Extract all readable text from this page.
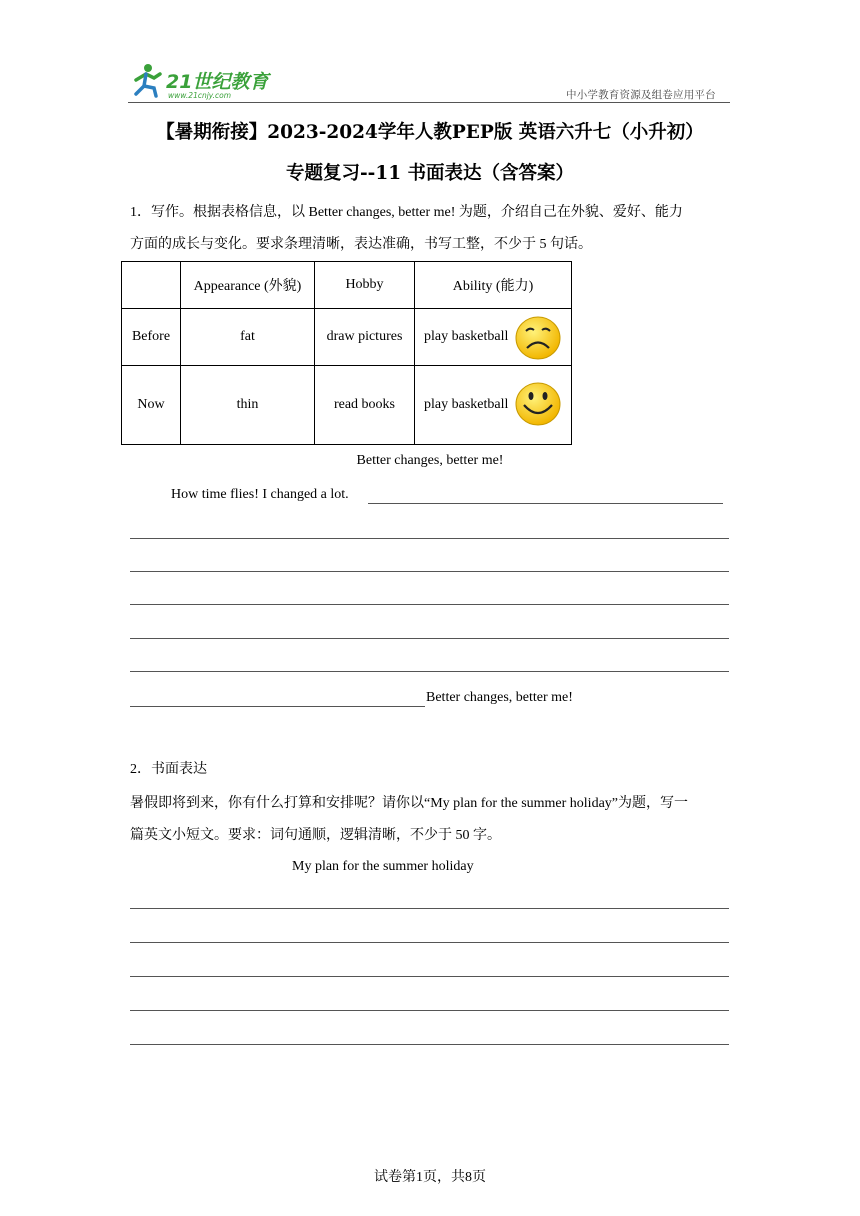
21世纪教育
www.21cnjy.com	中小学教育资源及组卷应用平台
【暑期衔接】2023-2024学年人教PEP版 英语六升七（小升初）
专题复习--11 书面表达（含答案）
1．写作。根据表格信息，以 Better changes, better me! 为题，介绍自己在外貌、爱好、能力
方面的成长与变化。要求条理清晰，表达准确，书写工整，不少于 5 句话。
	Appearance (外貌)	Hobby	Ability (能力)
Before	fat	draw pictures	play basketball
Now	thin	read books	play basketball
Better changes, better me!
How time flies! I changed a lot.
Better changes, better me!
2．书面表达
暑假即将到来，你有什么打算和安排呢？请你以“My plan for the summer holiday”为题，写一
篇英文小短文。要求：词句通顺，逻辑清晰，不少于 50 字。
My plan for the summer holiday
试卷第1页，共8页
